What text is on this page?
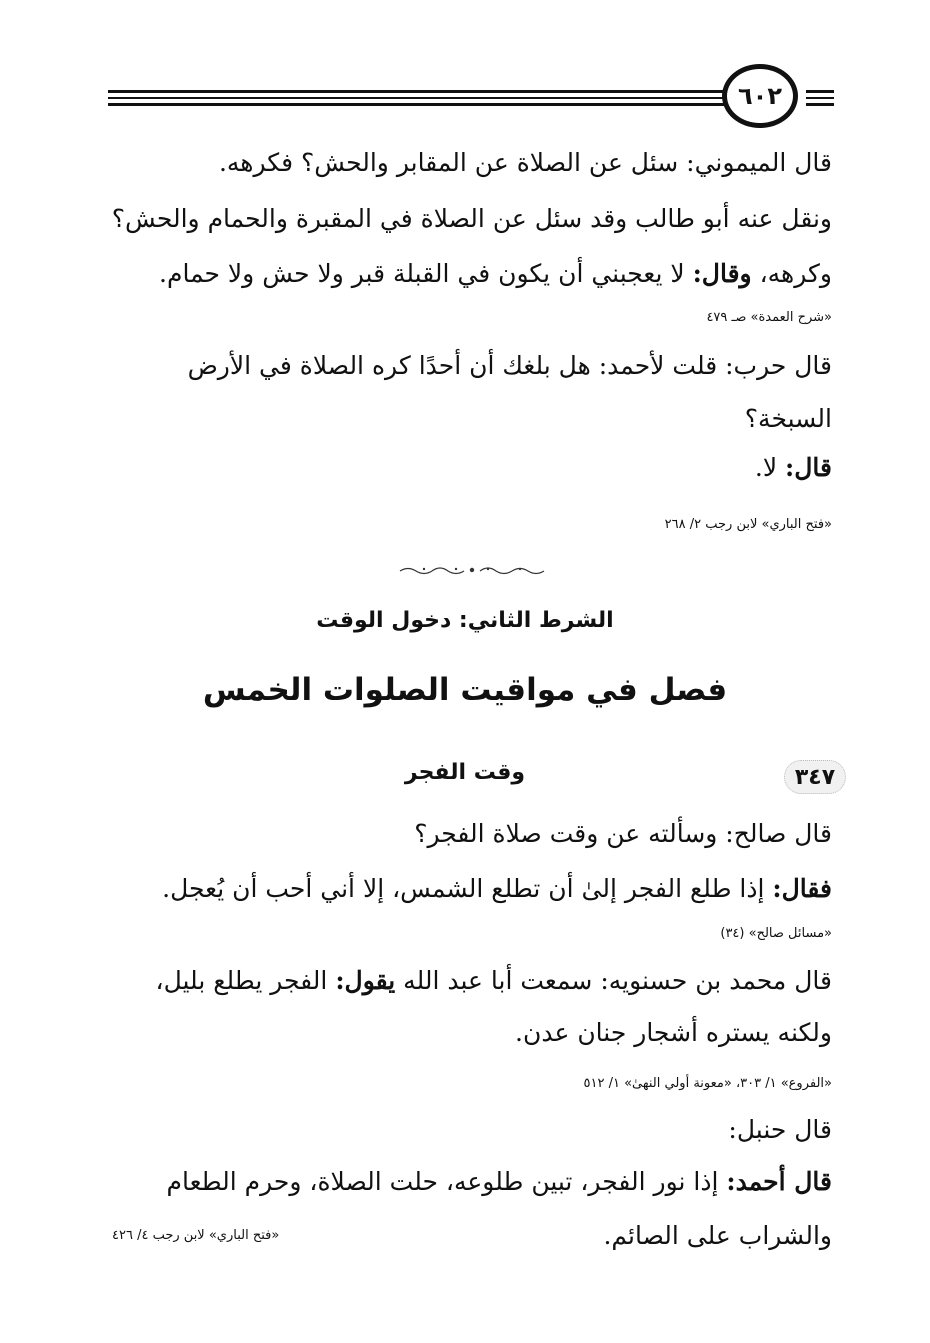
٦٠٢
قال الميموني: سئل عن الصلاة عن المقابر والحش؟ فكرهه.
ونقل عنه أبو طالب وقد سئل عن الصلاة في المقبرة والحمام والحش؟
وكرهه، وقال: لا يعجبني أن يكون في القبلة قبر ولا حش ولا حمام.
«شرح العمدة» صـ ٤٧٩
قال حرب: قلت لأحمد: هل بلغك أن أحدًا كره الصلاة في الأرض
السبخة؟
قال: لا.
«فتح الباري» لابن رجب ٢/ ٢٦٨
الشرط الثاني: دخول الوقت
فصل في مواقيت الصلوات الخمس
٣٤٧
وقت الفجر
قال صالح: وسألته عن وقت صلاة الفجر؟
فقال: إذا طلع الفجر إلىٰ أن تطلع الشمس، إلا أني أحب أن يُعجل.
«مسائل صالح» (٣٤)
قال محمد بن حسنويه: سمعت أبا عبد الله يقول: الفجر يطلع بليل،
ولكنه يستره أشجار جنان عدن.
«الفروع» ١/ ٣٠٣، «معونة أولي النهىٰ» ١/ ٥١٢
قال حنبل:
قال أحمد: إذا نور الفجر، تبين طلوعه، حلت الصلاة، وحرم الطعام
والشراب على الصائم.
«فتح الباري» لابن رجب ٤/ ٤٢٦
